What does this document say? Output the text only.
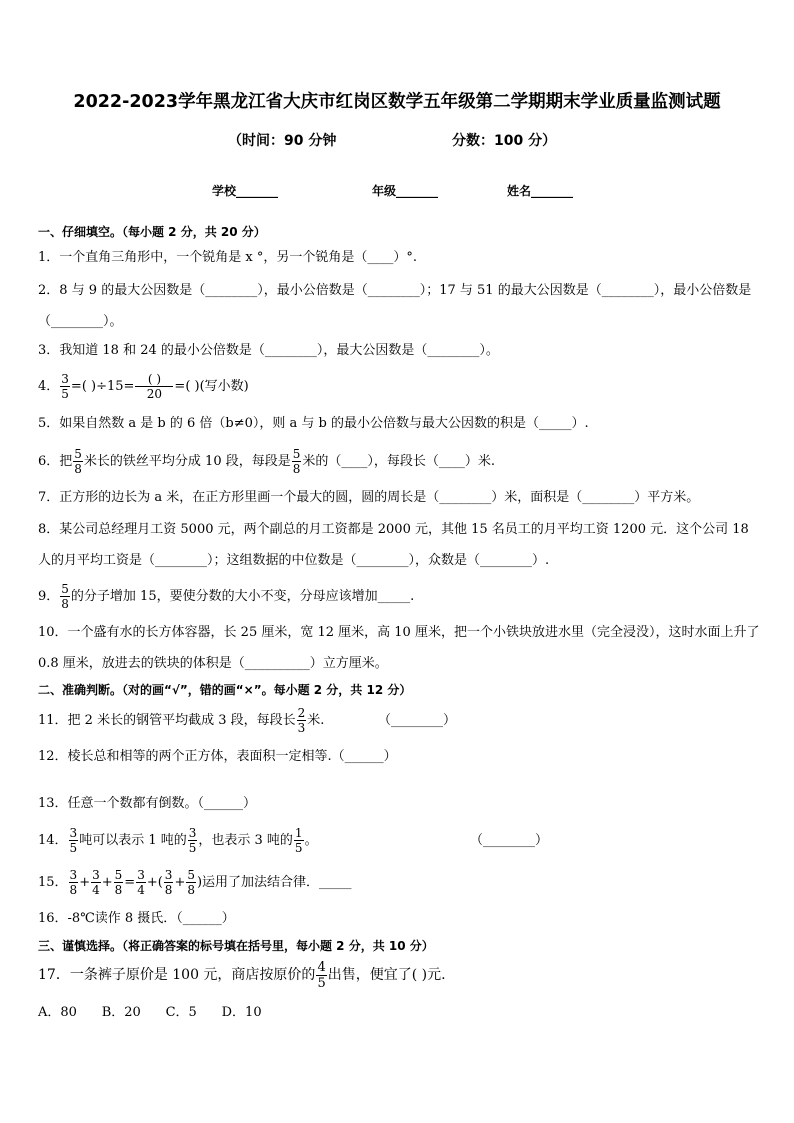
2022-2023学年黑龙江省大庆市红岗区数学五年级第二学期期末学业质量监测试题
（时间：90 分钟	分数：100 分）
学校_______	年级_______	姓名_______
一、仔细填空。（每小题 2 分，共 20 分）
1．一个直角三角形中，一个锐角是 x °，另一个锐角是（____）°.
2．8 与 9 的最大公因数是（________），最小公倍数是（________）；17 与 51 的最大公因数是（________），最小公倍数是（________）。
3．我知道 18 和 24 的最小公倍数是（________），最大公因数是（________）。
4． $\frac{3}{5}$ =( )$\div 15= \frac{( )}{20}$ =( )(写小数)
5．如果自然数 a 是 b 的 6 倍（b≠0），则 a 与 b 的最小公倍数与最大公因数的积是（_____）.
6．把 $\frac{5}{8}$ 米长的铁丝平均分成 10 段，每段是 $\frac{5}{8}$ 米的（____），每段长（____）米.
7．正方形的边长为 a 米，在正方形里画一个最大的圆，圆的周长是（________）米，面积是（________）平方米。
8．某公司总经理月工资 5000 元，两个副总的月工资都是 2000 元，其他 15 名员工的月平均工资 1200 元．这个公司 18 人的月平均工资是（________）；这组数据的中位数是（________），众数是（________）.
9． $\frac{5}{8}$ 的分子增加 15，要使分数的大小不变，分母应该增加_____.
10．一个盛有水的长方体容器，长 25 厘米，宽 12 厘米，高 10 厘米，把一个小铁块放进水里（完全浸没），这时水面上升了 0.8 厘米，放进去的铁块的体积是（__________）立方厘米。
二、准确判断。（对的画“√”，错的画“×”。每小题 2 分，共 12 分）
11．把 2 米长的钢管平均截成 3 段，每段长 $\frac{2}{3}$ 米.	（________）
12．棱长总和相等的两个正方体，表面积一定相等.（______）
13．任意一个数都有倒数。（______）
14． $\frac{3}{5}$ 吨可以表示 1 吨的 $\frac{3}{5}$ ，也表示 3 吨的 $\frac{1}{5}$ 。	（________）
15． $\frac{3}{8} + \frac{3}{4} + \frac{5}{8} = \frac{3}{4}$ +( $\frac{3}{8} + \frac{5}{8}$ )运用了加法结合律．_____
16．-8℃读作 8 摄氏．（______）
三、谨慎选择。（将正确答案的标号填在括号里，每小题 2 分，共 10 分）
17．一条裤子原价是 100 元，商店按原价的 $\frac{4}{5}$ 出售，便宜了( )元.
A．80      B．20      C．5      D．10
